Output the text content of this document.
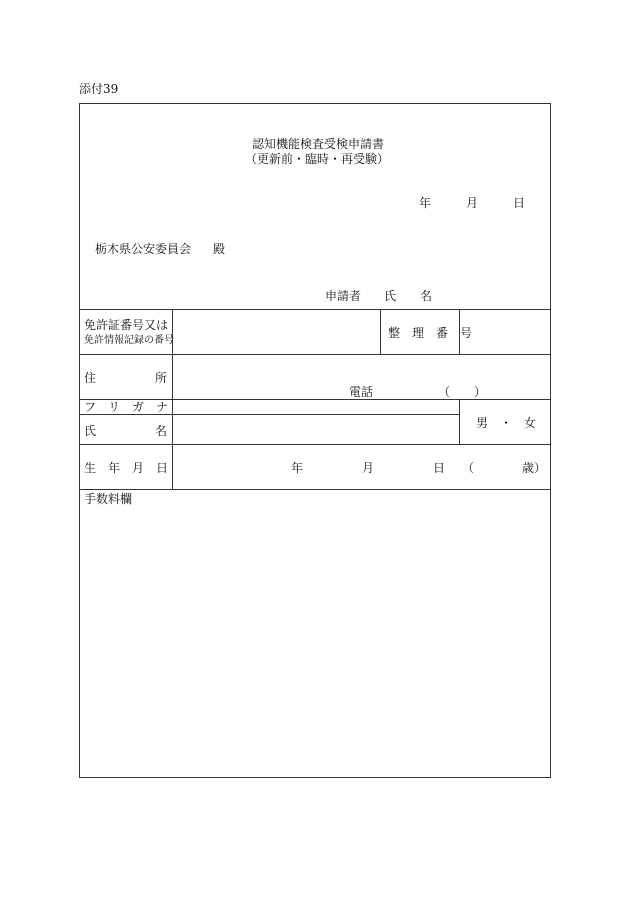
添付39
認知機能検査受検申請書
（更新前・臨時・再受験）
年	月	日
栃木県公安委員会 殿
申請者 氏　　名
免許証番号又は
免許情報記録の番号
整　理　番　号
住	所
電話	（　　）
フ　リ　ガ　ナ
氏	名
男　・　女
生　年　月　日	年	月	日 （	歳）
手数料欄
